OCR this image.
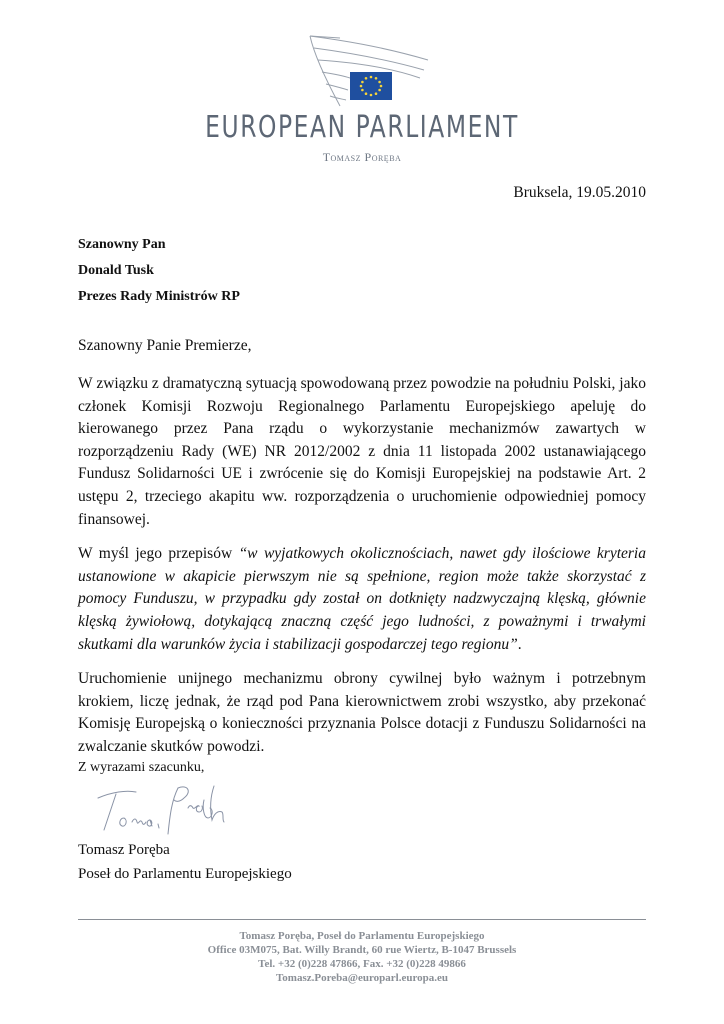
EUROPEAN PARLIAMENT
Tomasz Poręba
Bruksela, 19.05.2010
Szanowny Pan
Donald Tusk
Prezes Rady Ministrów RP
Szanowny Panie Premierze,

W związku z dramatyczną sytuacją spowodowaną przez powodzie na południu Polski, jako członek Komisji Rozwoju Regionalnego Parlamentu Europejskiego apeluję do kierowanego przez Pana rządu o wykorzystanie mechanizmów zawartych w rozporządzeniu Rady (WE) NR 2012/2002 z dnia 11 listopada 2002 ustanawiającego Fundusz Solidarności UE i zwrócenie się do Komisji Europejskiej na podstawie Art. 2 ustępu 2, trzeciego akapitu ww. rozporządzenia o uruchomienie odpowiedniej pomocy finansowej.

W myśl jego przepisów “w wyjatkowych okolicznościach, nawet gdy ilościowe kryteria ustanowione w akapicie pierwszym nie są spełnione, region może także skorzystać z pomocy Funduszu, w przypadku gdy został on dotknięty nadzwyczajną klęską, głównie klęską żywiołową, dotykającą znaczną część jego ludności, z poważnymi i trwałymi skutkami dla warunków życia i stabilizacji gospodarczej tego regionu”.

Uruchomienie unijnego mechanizmu obrony cywilnej było ważnym i potrzebnym krokiem, liczę jednak, że rząd pod Pana kierownictwem zrobi wszystko, aby przekonać Komisję Europejską o konieczności przyznania Polsce dotacji z Funduszu Solidarności na zwalczanie skutków powodzi.

Z wyrazami szacunku,
Tomasz Poręba
Poseł do Parlamentu Europejskiego
Tomasz Poręba, Poseł do Parlamentu Europejskiego
Office 03M075, Bat. Willy Brandt, 60 rue Wiertz, B-1047 Brussels
Tel. +32 (0)228 47866, Fax. +32 (0)228 49866
Tomasz.Poreba@europarl.europa.eu
